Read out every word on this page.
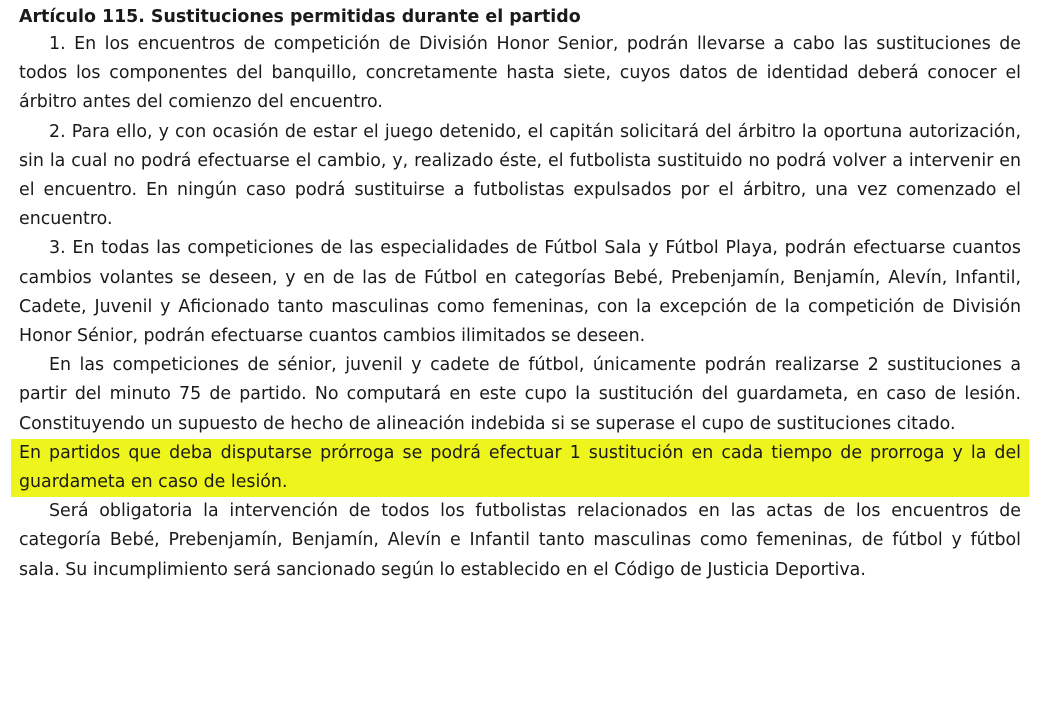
Artículo 115. Sustituciones permitidas durante el partido

1. En los encuentros de competición de División Honor Senior, podrán llevarse a cabo las sustituciones de todos los componentes del banquillo, concretamente hasta siete, cuyos datos de identidad deberá conocer el árbitro antes del comienzo del encuentro.

2. Para ello, y con ocasión de estar el juego detenido, el capitán solicitará del árbitro la oportuna autorización, sin la cual no podrá efectuarse el cambio, y, realizado éste, el futbolista sustituido no podrá volver a intervenir en el encuentro. En ningún caso podrá sustituirse a futbolistas expulsados por el árbitro, una vez comenzado el encuentro.

3. En todas las competiciones de las especialidades de Fútbol Sala y Fútbol Playa, podrán efectuarse cuantos cambios volantes se deseen, y en de las de Fútbol en categorías Bebé, Prebenjamín, Benjamín, Alevín, Infantil, Cadete, Juvenil y Aficionado tanto masculinas como femeninas, con la excepción de la competición de División Honor Sénior, podrán efectuarse cuantos cambios ilimitados se deseen.

En las competiciones de sénior, juvenil y cadete de fútbol, únicamente podrán realizarse 2 sustituciones a partir del minuto 75 de partido. No computará en este cupo la sustitución del guardameta, en caso de lesión. Constituyendo un supuesto de hecho de alineación indebida si se superase el cupo de sustituciones citado.

En partidos que deba disputarse prórroga se podrá efectuar 1 sustitución en cada tiempo de prorroga y la del guardameta en caso de lesión.

Será obligatoria la intervención de todos los futbolistas relacionados en las actas de los encuentros de categoría Bebé, Prebenjamín, Benjamín, Alevín e Infantil tanto masculinas como femeninas, de fútbol y fútbol sala. Su incumplimiento será sancionado según lo establecido en el Código de Justicia Deportiva.
